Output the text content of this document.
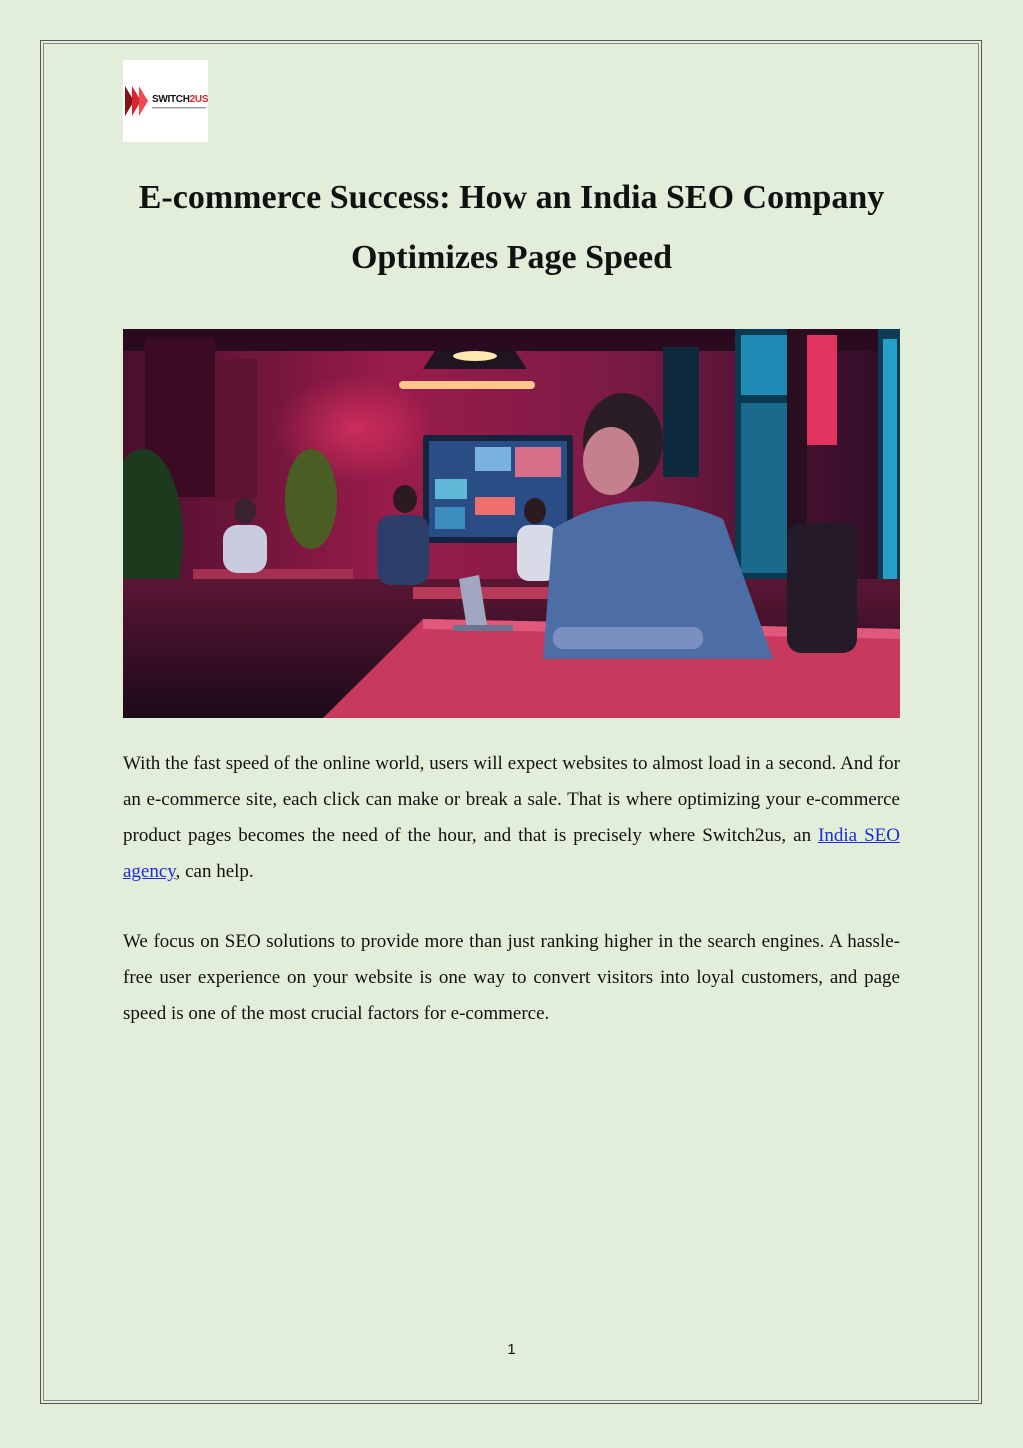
SWITCH2US
E-commerce Success: How an India SEO Company
Optimizes Page Speed

With the fast speed of the online world, users will expect websites to almost load in a second. And for an e-commerce site, each click can make or break a sale. That is where optimizing your e-commerce product pages becomes the need of the hour, and that is precisely where Switch2us, an India SEO agency, can help.

We focus on SEO solutions to provide more than just ranking higher in the search engines. A hassle-free user experience on your website is one way to convert visitors into loyal customers, and page speed is one of the most crucial factors for e-commerce.

1
